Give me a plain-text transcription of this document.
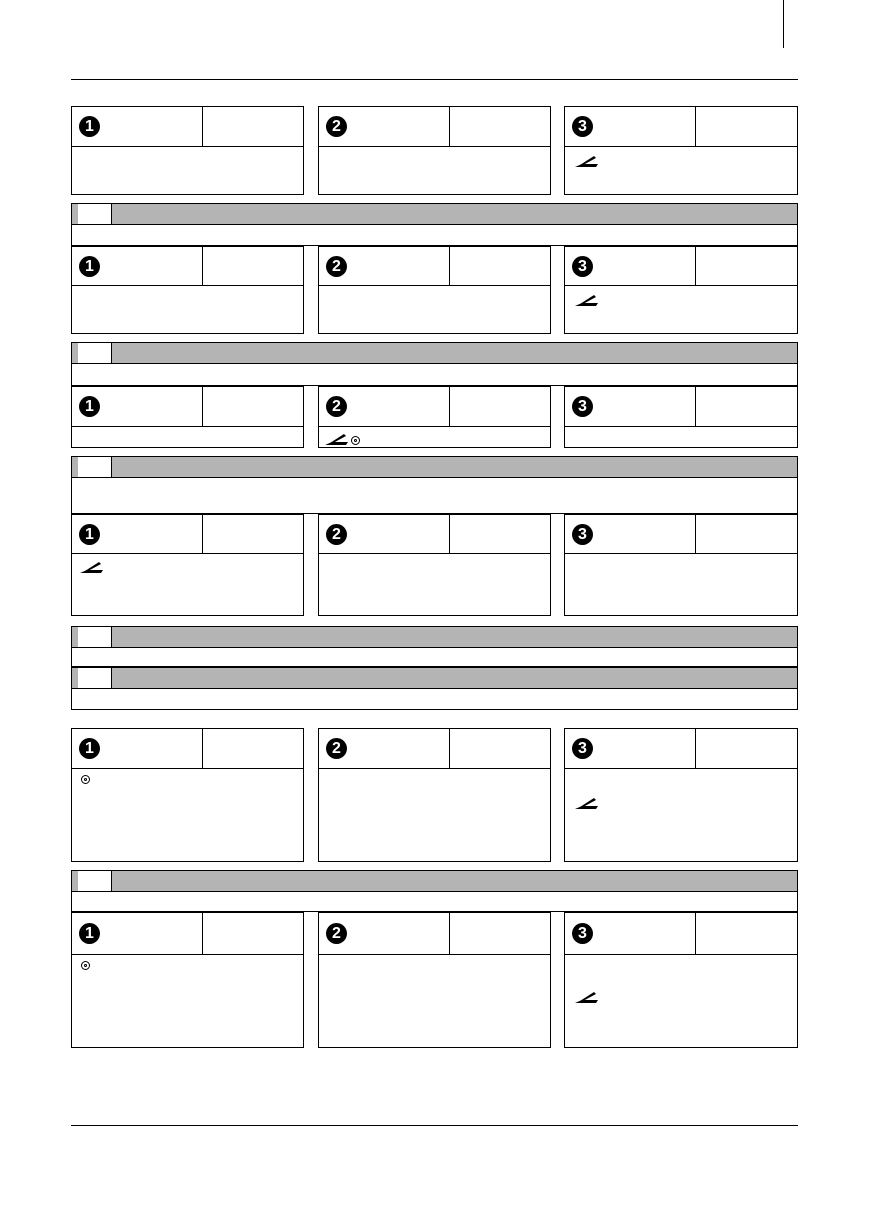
1	2	3
1	2	3
1	2	3
1	2	3
1	2	3
1	2	3
